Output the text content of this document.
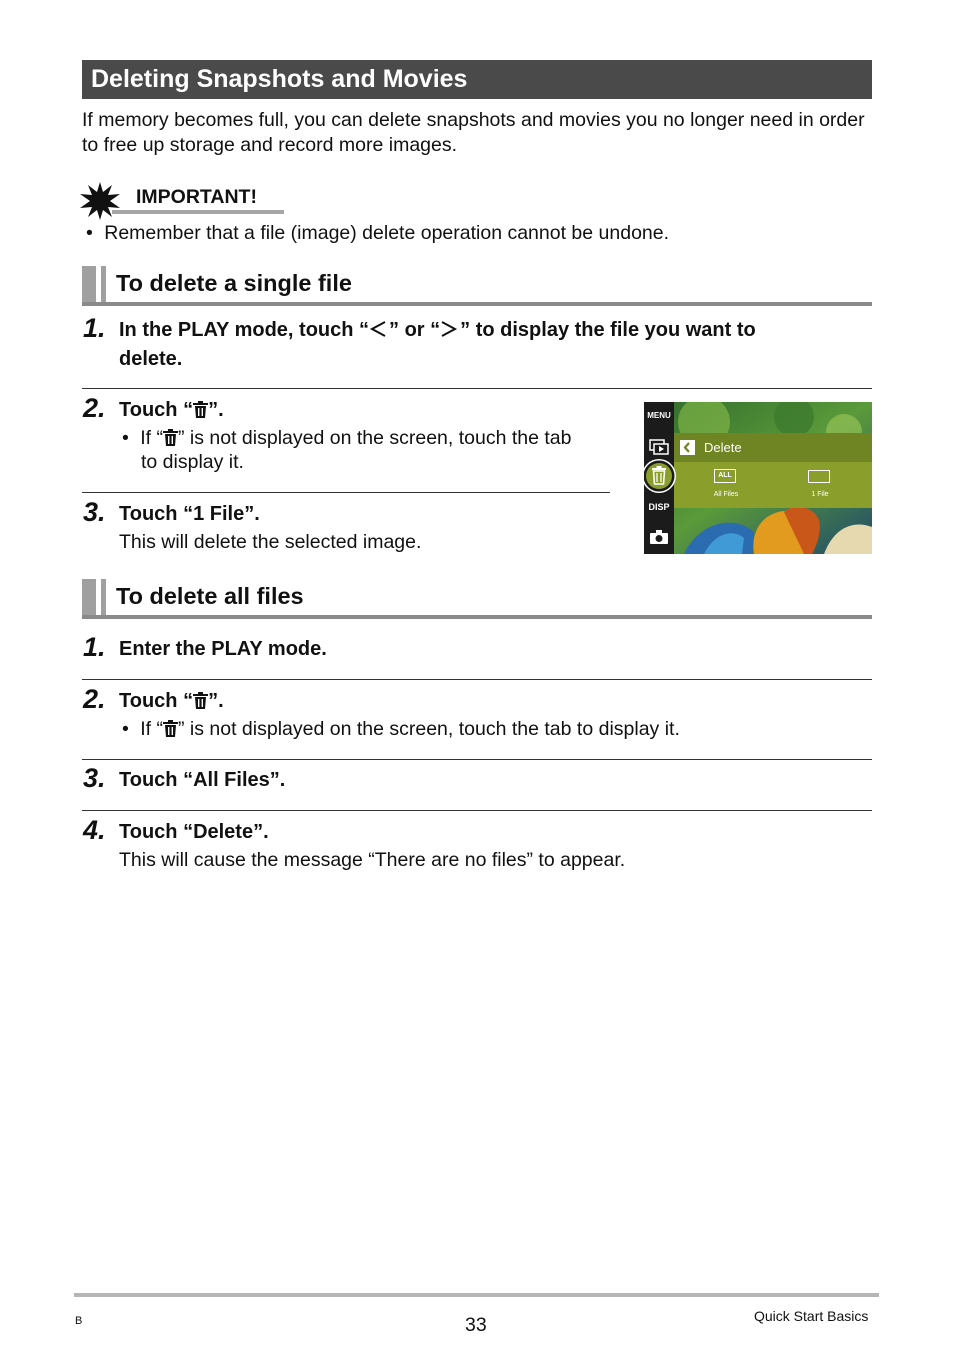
Deleting Snapshots and Movies
If memory becomes full, you can delete snapshots and movies you no longer need in order to free up storage and record more images.
IMPORTANT!
• Remember that a file (image) delete operation cannot be undone.
To delete a single file
1. In the PLAY mode, touch “ ” or “ ” to display the file you want to
delete.
2. Touch “ ”.
• If “ ” is not displayed on the screen, touch the tab
to display it.
3. Touch “1 File”.
This will delete the selected image.
MENU
DISP
Delete
ALL
All Files	1 File
To delete all files
1. Enter the PLAY mode.
2. Touch “ ”.
• If “ ” is not displayed on the screen, touch the tab to display it.
3. Touch “All Files”.
4. Touch “Delete”.
This will cause the message “There are no files” to appear.
B	33	Quick Start Basics
